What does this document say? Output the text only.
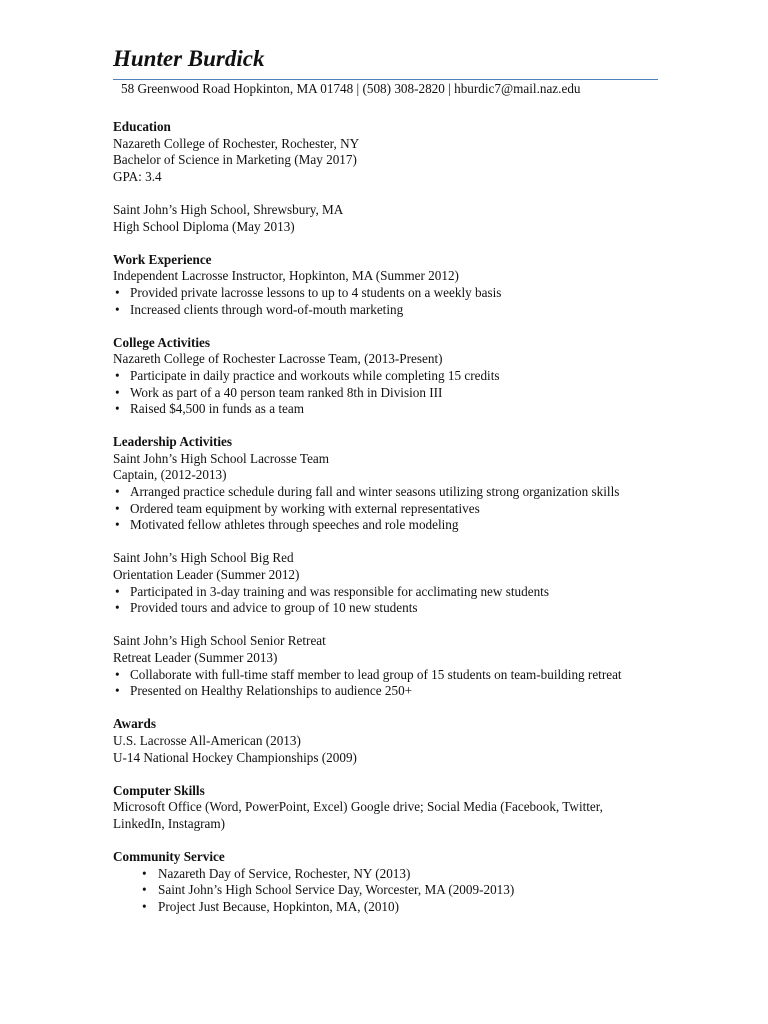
Hunter Burdick
58 Greenwood Road Hopkinton, MA 01748 | (508) 308-2820 | hburdic7@mail.naz.edu

Education

Nazareth College of Rochester, Rochester, NY

Bachelor of Science in Marketing (May 2017)

GPA: 3.4

Saint John’s High School, Shrewsbury, MA

High School Diploma (May 2013)

Work Experience

Independent Lacrosse Instructor, Hopkinton, MA (Summer 2012)

• Provided private lacrosse lessons to up to 4 students on a weekly basis
• Increased clients through word-of-mouth marketing

College Activities

Nazareth College of Rochester Lacrosse Team, (2013-Present)

• Participate in daily practice and workouts while completing 15 credits
• Work as part of a 40 person team ranked 8th in Division III
• Raised $4,500 in funds as a team

Leadership Activities

Saint John’s High School Lacrosse Team

Captain, (2012-2013)

• Arranged practice schedule during fall and winter seasons utilizing strong organization skills
• Ordered team equipment by working with external representatives
• Motivated fellow athletes through speeches and role modeling

Saint John’s High School Big Red

Orientation Leader (Summer 2012)

• Participated in 3-day training and was responsible for acclimating new students
• Provided tours and advice to group of 10 new students

Saint John’s High School Senior Retreat

Retreat Leader (Summer 2013)

• Collaborate with full-time staff member to lead group of 15 students on team-building retreat
• Presented on Healthy Relationships to audience 250+

Awards

U.S. Lacrosse All-American (2013)

U-14 National Hockey Championships (2009)

Computer Skills

Microsoft Office (Word, PowerPoint, Excel) Google drive; Social Media (Facebook, Twitter,

LinkedIn, Instagram)

Community Service

• Nazareth Day of Service, Rochester, NY (2013)
• Saint John’s High School Service Day, Worcester, MA (2009-2013)
• Project Just Because, Hopkinton, MA, (2010)
